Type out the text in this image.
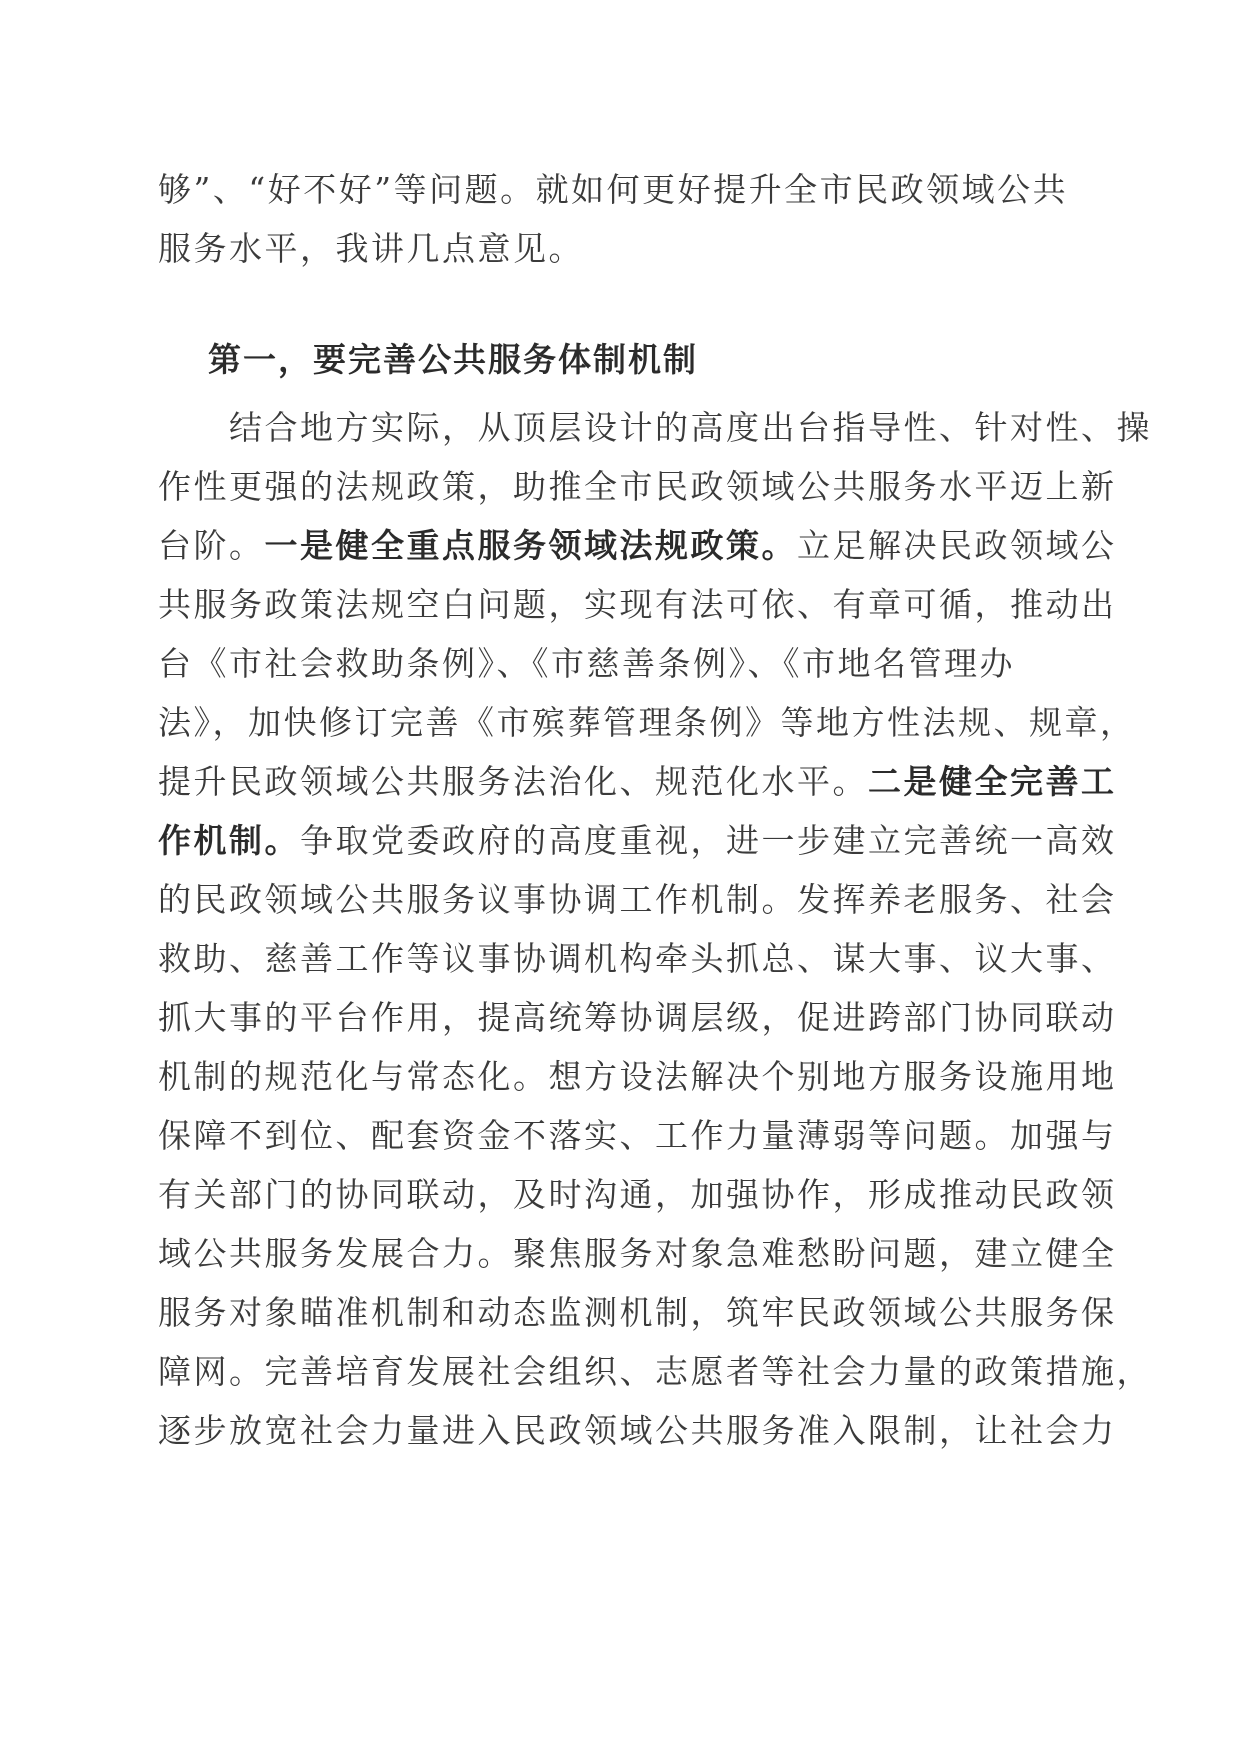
够”、“好不好”等问题。就如何更好提升全市民政领域公共
服务水平，我讲几点意见。
第一，要完善公共服务体制机制
　　结合地方实际，从顶层设计的高度出台指导性、针对性、操
作性更强的法规政策，助推全市民政领域公共服务水平迈上新
台阶。一是健全重点服务领域法规政策。立足解决民政领域公
共服务政策法规空白问题，实现有法可依、有章可循，推动出
台《市社会救助条例》、《市慈善条例》、《市地名管理办
法》，加快修订完善《市殡葬管理条例》等地方性法规、规章，
提升民政领域公共服务法治化、规范化水平。二是健全完善工
作机制。争取党委政府的高度重视，进一步建立完善统一高效
的民政领域公共服务议事协调工作机制。发挥养老服务、社会
救助、慈善工作等议事协调机构牵头抓总、谋大事、议大事、
抓大事的平台作用，提高统筹协调层级，促进跨部门协同联动
机制的规范化与常态化。想方设法解决个别地方服务设施用地
保障不到位、配套资金不落实、工作力量薄弱等问题。加强与
有关部门的协同联动，及时沟通，加强协作，形成推动民政领
域公共服务发展合力。聚焦服务对象急难愁盼问题，建立健全
服务对象瞄准机制和动态监测机制，筑牢民政领域公共服务保
障网。完善培育发展社会组织、志愿者等社会力量的政策措施，
逐步放宽社会力量进入民政领域公共服务准入限制，让社会力
